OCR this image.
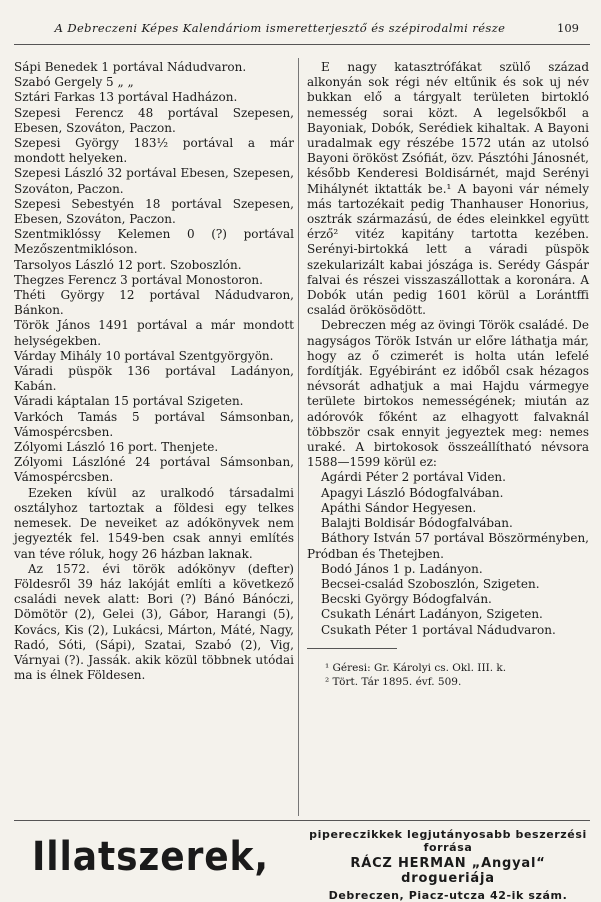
A Debreczeni Képes Kalendáriom ismeretterjesztő és szépirodalmi része	109

Sápi Benedek 1 portával Nádudvaron.

Szabó Gergely 5 „ „

Sztári Farkas 13 portával Hadházon.

Szepesi Ferencz 48 portával Szepesen, Ebesen, Szováton, Paczon.

Szepesi György 183½ portával a már mondott helyeken.

Szepesi László 32 portával Ebesen, Szepesen, Szováton, Paczon.

Szepesi Sebestyén 18 portával Szepesen, Ebesen, Szováton, Paczon.

Szentmiklóssy Kelemen 0 (?) portával Mezőszentmiklóson.

Tarsolyos László 12 port. Szoboszlón.

Thegzes Ferencz 3 portával Monostoron.

Théti György 12 portával Nádudvaron, Bánkon.

Török János 1491 portával a már mondott helységekben.

Várday Mihály 10 portával Szentgyörgyön.

Váradi püspök 136 portával Ladányon, Kabán.

Váradi káptalan 15 portával Szigeten.

Varkóch Tamás 5 portával Sámsonban, Vámospércsben.

Zólyomi László 16 port. Thenjete.

Zólyomi Lászlóné 24 portával Sámsonban, Vámospércsben.

Ezeken kívül az uralkodó társadalmi osztályhoz tartoztak a földesi egy telkes nemesek. De neveiket az adókönyvek nem jegyezték fel. 1549-ben csak annyi említés van téve róluk, hogy 26 házban laknak.

Az 1572. évi török adókönyv (defter) Földesről 39 ház lakóját említi a következő családi nevek alatt: Bori (?) Bánó Bánóczi, Dömötör (2), Gelei (3), Gábor, Harangi (5), Kovács, Kis (2), Lukácsi, Márton, Máté, Nagy, Radó, Sóti, (Sápi), Szatai, Szabó (2), Vig, Várnyai (?). Jassák. akik közül többnek utódai ma is élnek Földesen.

E nagy katasztrófákat szülő század alkonyán sok régi név eltűnik és sok uj név bukkan elő a tárgyalt területen birtokló nemesség sorai közt. A legelsőkből a Bayoniak, Dobók, Serédiek kihaltak. A Bayoni uradalmak egy részébe 1572 után az utolsó Bayoni örököst Zsófiát, özv. Pásztóhi Jánosnét, később Kenderesi Boldisárnét, majd Serényi Mihálynét iktatták be.¹ A bayoni vár némely más tartozékait pedig Thanhauser Honorius, osztrák származású, de édes eleinkkel együtt érző² vitéz kapitány tartotta kezében. Serényi-birtokká lett a váradi püspök szekularizált kabai jószága is. Serédy Gáspár falvai és részei visszaszállottak a koronára. A Dobók után pedig 1601 körül a Lorántffi család örökösödött.

Debreczen még az övingi Török családé. De nagyságos Török István ur előre láthatja már, hogy az ő czimerét is holta után lefelé fordítják. Egyébiránt ez időből csak hézagos névsorát adhatjuk a mai Hajdu vármegye területe birtokos nemességének; miután az adórovók főként az elhagyott falvaknál többször csak ennyit jegyeztek meg: nemes uraké. A birtokosok összeállítható névsora 1588—1599 körül ez:

Agárdi Péter 2 portával Viden.

Apagyi László Bódogfalvában.

Apáthi Sándor Hegyesen.

Balajti Boldisár Bódogfalvában.

Báthory István 57 portával Böszörményben, Pródban és Thetejben.

Bodó János 1 p. Ladányon.

Becsei-család Szoboszlón, Szigeten.

Becski György Bódogfalván.

Csukath Lénárt Ladányon, Szigeten.

Csukath Péter 1 portával Nádudvaron.

¹ Géresi: Gr. Károlyi cs. Okl. III. k.
² Tört. Tár 1895. évf. 509.
Illatszerek,	pipereczikkek legjutányosabb beszerzési forrása
RÁCZ HERMAN „Angyal“ drogueriája
Debreczen, Piacz-utcza 42-ik szám.
